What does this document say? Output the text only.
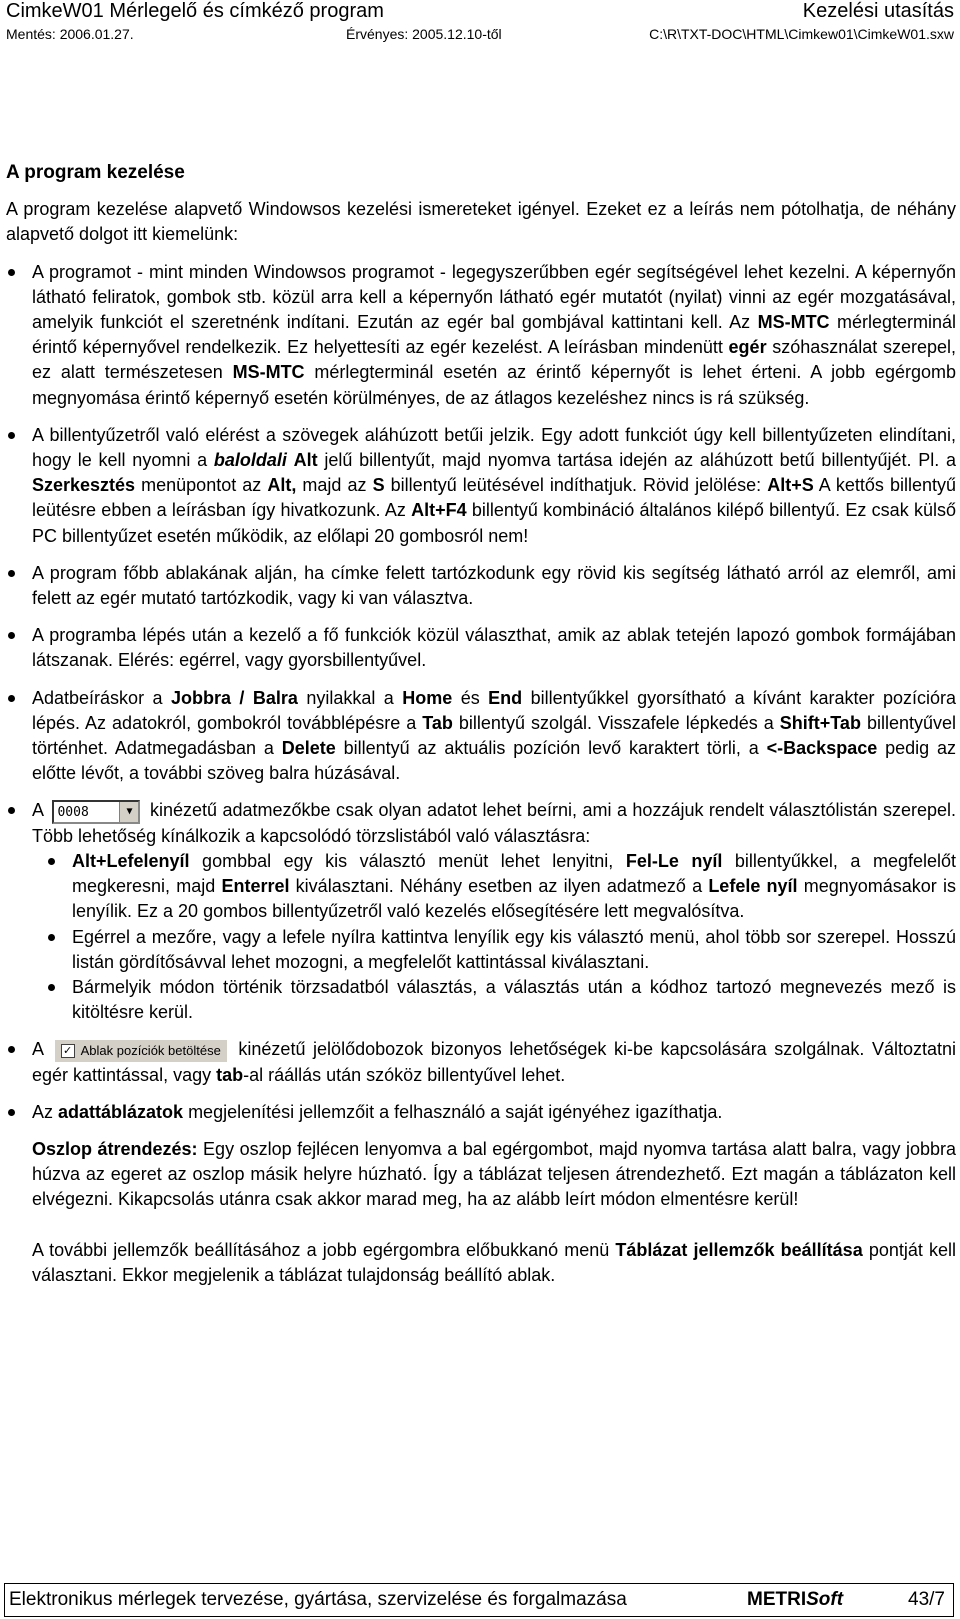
CimkeW01 Mérlegelő és címkéző program	Kezelési utasítás
Mentés: 2006.01.27.	Érvényes: 2005.12.10-től	C:\R\TXT-DOC\HTML\Cimkew01\CimkeW01.sxw

A program kezelése

A program kezelése alapvető Windowsos kezelési ismereteket igényel. Ezeket ez a leírás nem pótolhatja, de néhány alapvető dolgot itt kiemelünk:

A programot - mint minden Windowsos programot - legegyszerűbben egér segítségével lehet kezelni. A képernyőn látható feliratok, gombok stb. közül arra kell a képernyőn látható egér mutatót (nyilat) vinni az egér mozgatásával, amelyik funkciót el szeretnénk indítani. Ezután az egér bal gombjával kattintani kell. Az MS-MTC mérlegterminál érintő képernyővel rendelkezik. Ez helyettesíti az egér kezelést. A leírásban mindenütt egér szóhasználat szerepel, ez alatt természetesen MS-MTC mérlegterminál esetén az érintő képernyőt is lehet érteni. A jobb egérgomb megnyomása érintő képernyő esetén körülményes, de az átlagos kezeléshez nincs is rá szükség.
A billentyűzetről való elérést a szövegek aláhúzott betűi jelzik. Egy adott funkciót úgy kell billentyűzeten elindítani, hogy le kell nyomni a baloldali Alt jelű billentyűt, majd nyomva tartása idején az aláhúzott betű billentyűjét. Pl. a Szerkesztés menüpontot az Alt, majd az S billentyű leütésével indíthatjuk. Rövid jelölése: Alt+S A kettős billentyű leütésre ebben a leírásban így hivatkozunk. Az Alt+F4 billentyű kombináció általános kilépő billentyű. Ez csak külső PC billentyűzet esetén működik, az előlapi 20 gombosról nem!
A program főbb ablakának alján, ha címke felett tartózkodunk egy rövid kis segítség látható arról az elemről, ami felett az egér mutató tartózkodik, vagy ki van választva.
A programba lépés után a kezelő a fő funkciók közül választhat, amik az ablak tetején lapozó gombok formájában látszanak. Elérés: egérrel, vagy gyorsbillentyűvel.
Adatbeíráskor a Jobbra / Balra nyilakkal a Home és End billentyűkkel gyorsítható a kívánt karakter pozícióra lépés. Az adatokról, gombokról továbblépésre a Tab billentyű szolgál. Visszafele lépkedés a Shift+Tab billentyűvel történhet. Adatmegadásban a Delete billentyű az aktuális pozíción levő karaktert törli, a <-Backspace pedig az előtte lévőt, a további szöveg balra húzásával.
A 0008	▼ kinézetű adatmezőkbe csak olyan adatot lehet beírni, ami a hozzájuk rendelt választólistán szerepel. Több lehetőség kínálkozik a kapcsolódó törzslistából való választásra:
Alt+Lefelenyíl gombbal egy kis választó menüt lehet lenyitni, Fel-Le nyíl billentyűkkel, a megfelelőt megkeresni, majd Enterrel kiválasztani. Néhány esetben az ilyen adatmező a Lefele nyíl megnyomásakor is lenyílik. Ez a 20 gombos billentyűzetről való kezelés elősegítésére lett megvalósítva.
Egérrel a mezőre, vagy a lefele nyílra kattintva lenyílik egy kis választó menü, ahol több sor szerepel. Hosszú listán gördítősávval lehet mozogni, a megfelelőt kattintással kiválasztani.
Bármelyik módon történik törzsadatból választás, a választás után a kódhoz tartozó megnevezés mező is kitöltésre kerül.
A ✓ Ablak pozíciók betöltése kinézetű jelölődobozok bizonyos lehetőségek ki-be kapcsolására szolgálnak. Változtatni egér kattintással, vagy tab-al ráállás után szóköz billentyűvel lehet.
Az adattáblázatok megjelenítési jellemzőit a felhasználó a saját igényéhez igazíthatja.

Oszlop átrendezés: Egy oszlop fejlécen lenyomva a bal egérgombot, majd nyomva tartása alatt balra, vagy jobbra húzva az egeret az oszlop másik helyre húzható. Így a táblázat teljesen átrendezhető. Ezt magán a táblázaton kell elvégezni. Kikapcsolás utánra csak akkor marad meg, ha az alább leírt módon elmentésre kerül!

A további jellemzők beállításához a jobb egérgombra előbukkanó menü Táblázat jellemzők beállítása pontját kell választani. Ekkor megjelenik a táblázat tulajdonság beállító ablak.

Elektronikus mérlegek tervezése, gyártása, szervizelése és forgalmazása	METRISoft	43/7
